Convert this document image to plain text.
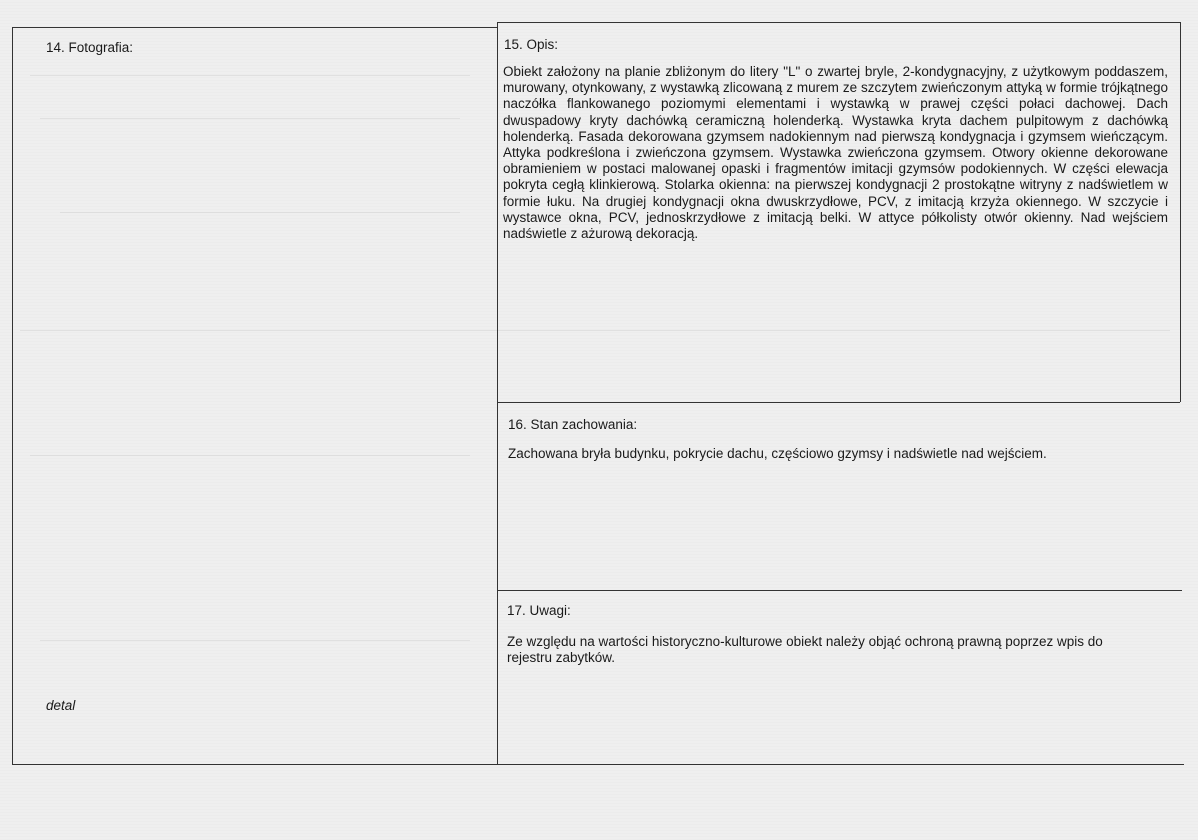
14. Fotografia:
detal
15. Opis:
Obiekt założony na planie zbliżonym do litery "L" o zwartej bryle, 2-kondygnacyjny, z użytkowym poddaszem, murowany, otynkowany, z wystawką zlicowaną z murem ze szczytem zwieńczonym attyką w formie trójkątnego naczółka flankowanego poziomymi elementami i wystawką w prawej części połaci dachowej. Dach dwuspadowy kryty dachówką ceramiczną holenderką. Wystawka kryta dachem pulpitowym z dachówką holenderką. Fasada dekorowana gzymsem nadokiennym nad pierwszą kondygnacja i gzymsem wieńczącym. Attyka podkreślona i zwieńczona gzymsem. Wystawka zwieńczona gzymsem. Otwory okienne dekorowane obramieniem w postaci malowanej opaski i fragmentów imitacji gzymsów podokiennych. W części elewacja pokryta cegłą klinkierową. Stolarka okienna: na pierwszej kondygnacji 2 prostokątne witryny z nadświetlem w formie łuku. Na drugiej kondygnacji okna dwuskrzydłowe, PCV, z imitacją krzyża okiennego. W szczycie i wystawce okna, PCV, jednoskrzydłowe z imitacją belki. W attyce półkolisty otwór okienny. Nad wejściem nadświetle z ażurową dekoracją.
16. Stan zachowania:
Zachowana bryła budynku, pokrycie dachu, częściowo gzymsy i nadświetle nad wejściem.
17. Uwagi:
Ze względu na wartości historyczno-kulturowe obiekt należy objąć ochroną prawną poprzez wpis do rejestru zabytków.
